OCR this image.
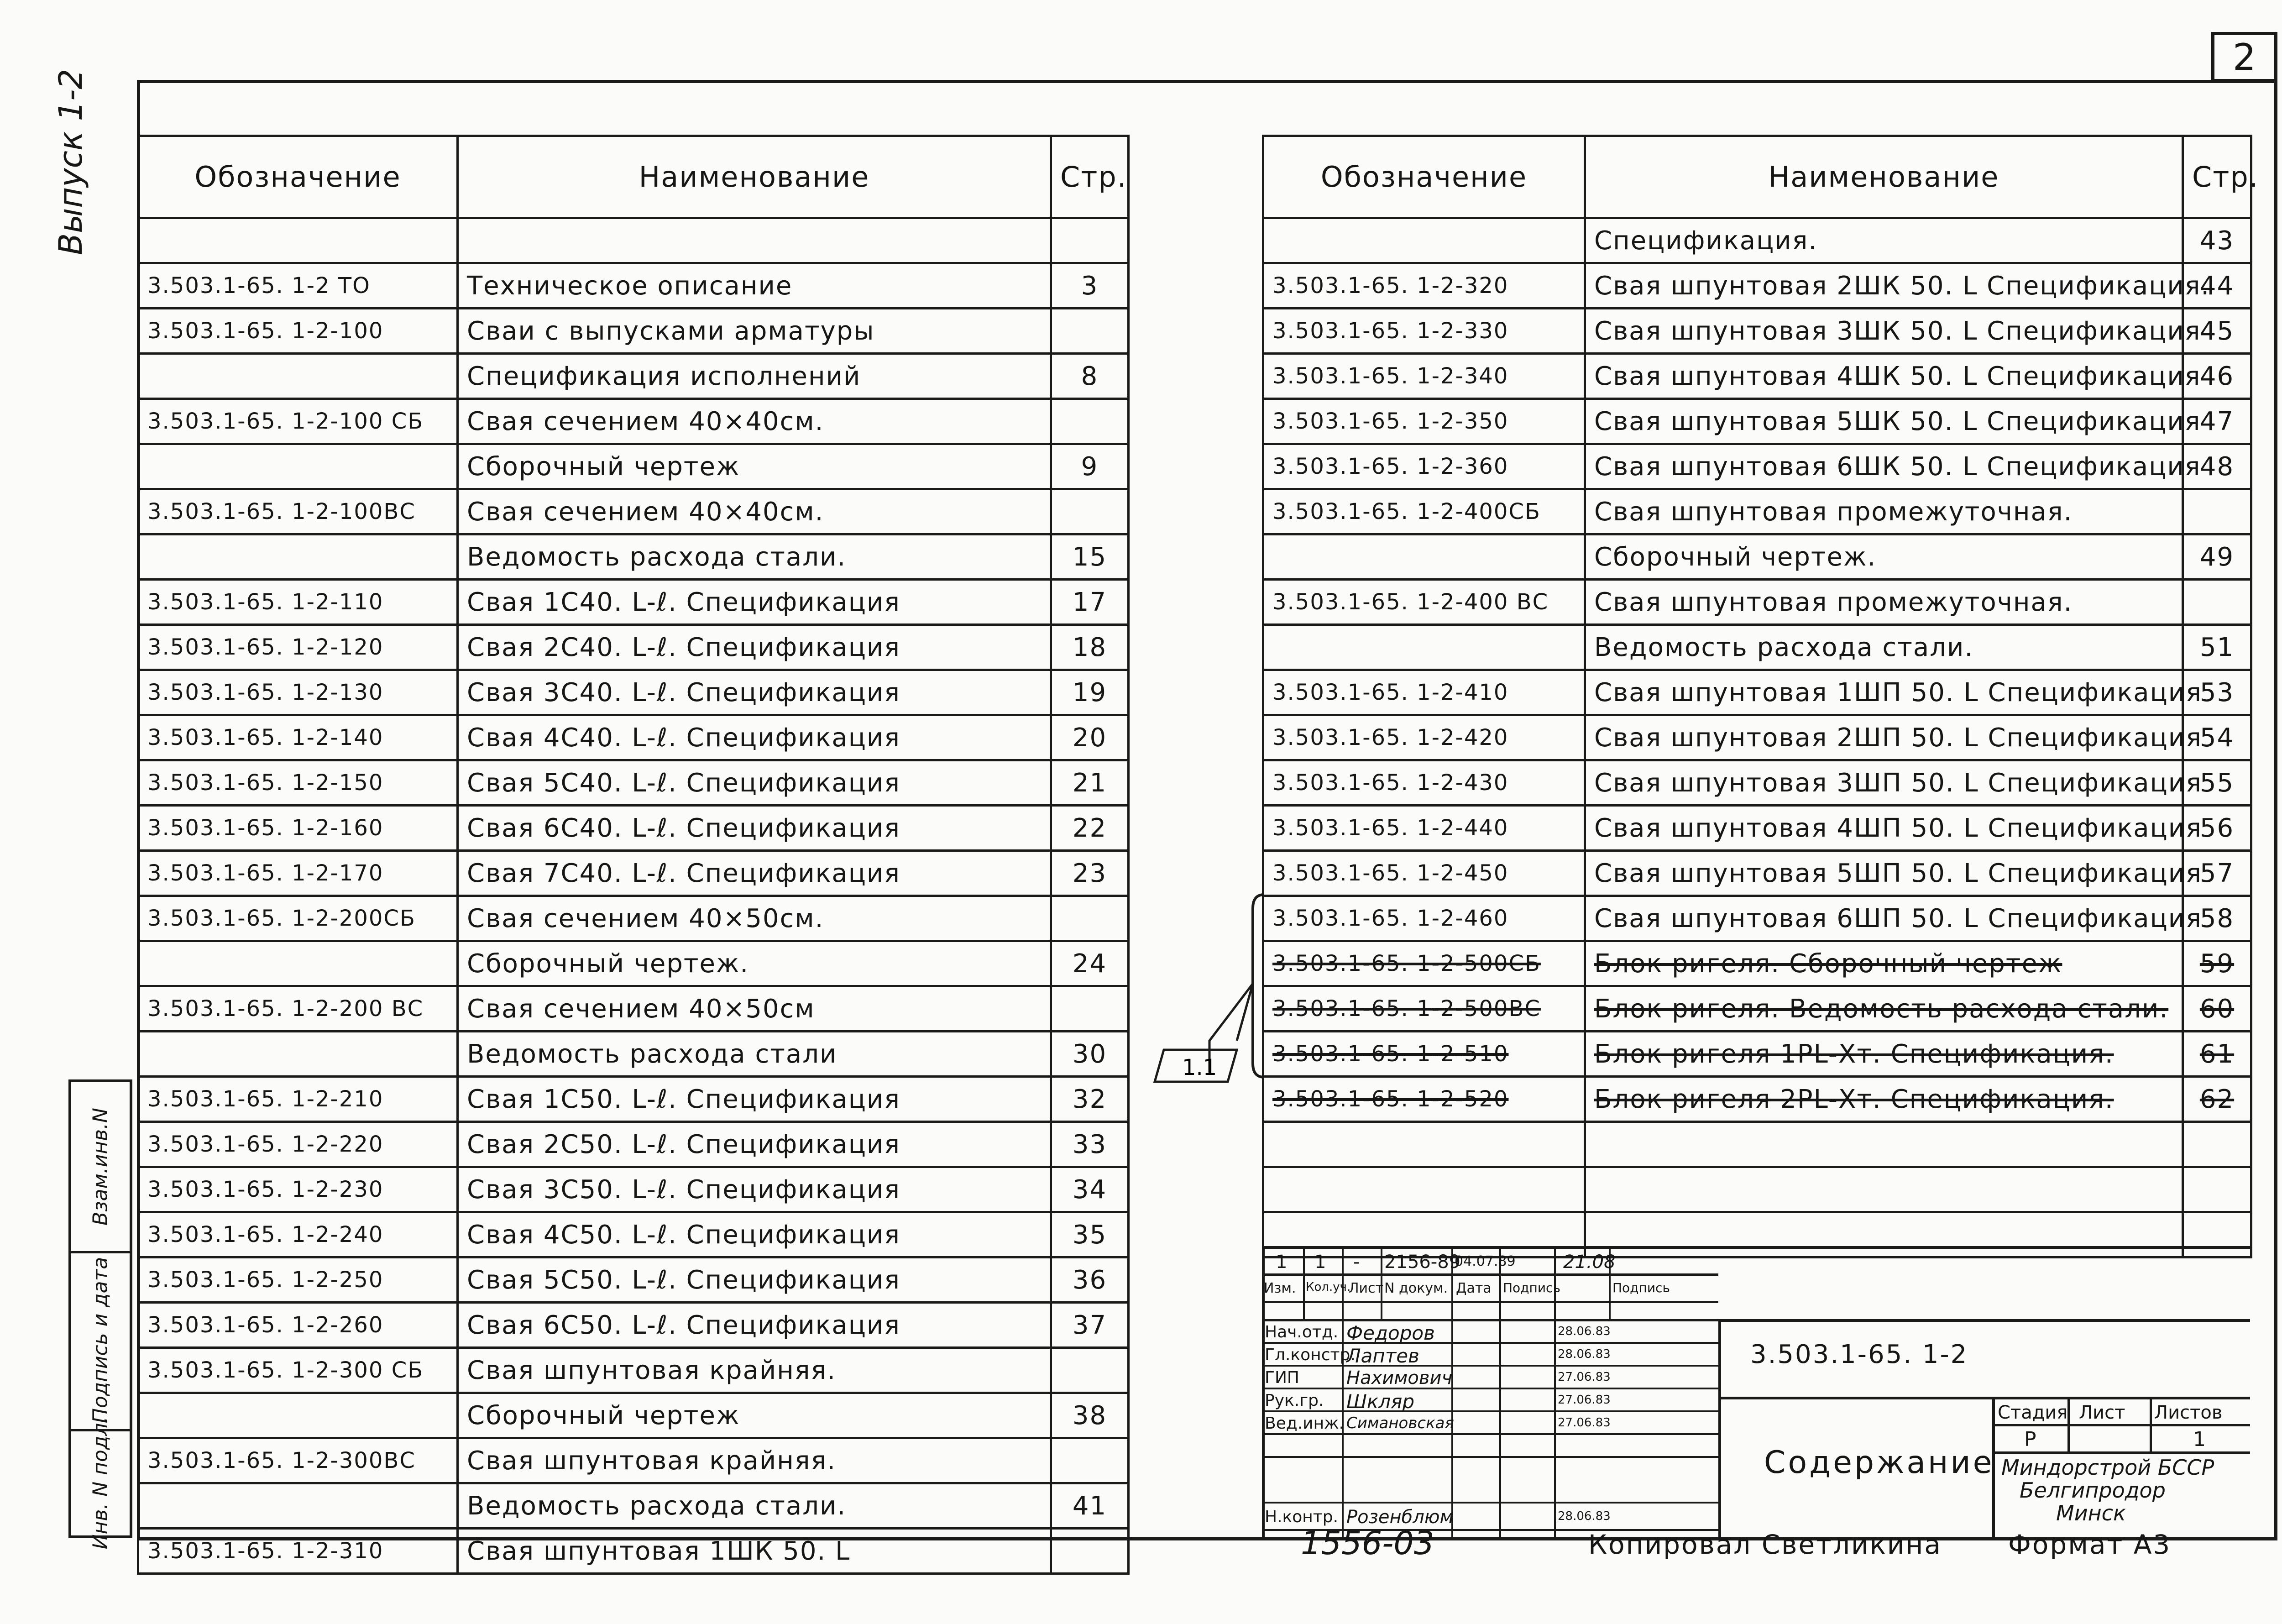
2
Выпуск 1-2
Взам.инв.N
Подпись и дата
Инв. N подл.
Обозначение	Наименование	Стр.

3.503.1-65. 1-2 ТО	Техническое описание	3
3.503.1-65. 1-2-100	Сваи с выпусками арматуры	
	Спецификация исполнений	8
3.503.1-65. 1-2-100 СБ	Свая сечением 40×40см.	
	Сборочный чертеж	9
3.503.1-65. 1-2-100ВС	Свая сечением 40×40см.	
	Ведомость расхода стали.	15
3.503.1-65. 1-2-110	Свая 1С40. L-ℓ. Спецификация	17
3.503.1-65. 1-2-120	Свая 2С40. L-ℓ. Спецификация	18
3.503.1-65. 1-2-130	Свая 3С40. L-ℓ. Спецификация	19
3.503.1-65. 1-2-140	Свая 4С40. L-ℓ. Спецификация	20
3.503.1-65. 1-2-150	Свая 5С40. L-ℓ. Спецификация	21
3.503.1-65. 1-2-160	Свая 6С40. L-ℓ. Спецификация	22
3.503.1-65. 1-2-170	Свая 7С40. L-ℓ. Спецификация	23
3.503.1-65. 1-2-200СБ	Свая сечением 40×50см.	
	Сборочный чертеж.	24
3.503.1-65. 1-2-200 ВС	Свая сечением 40×50см	
	Ведомость расхода стали	30
3.503.1-65. 1-2-210	Свая 1С50. L-ℓ. Спецификация	32
3.503.1-65. 1-2-220	Свая 2С50. L-ℓ. Спецификация	33
3.503.1-65. 1-2-230	Свая 3С50. L-ℓ. Спецификация	34
3.503.1-65. 1-2-240	Свая 4С50. L-ℓ. Спецификация	35
3.503.1-65. 1-2-250	Свая 5С50. L-ℓ. Спецификация	36
3.503.1-65. 1-2-260	Свая 6С50. L-ℓ. Спецификация	37
3.503.1-65. 1-2-300 СБ	Свая шпунтовая крайняя.	
	Сборочный чертеж	38
3.503.1-65. 1-2-300ВС	Свая шпунтовая крайняя.	
	Ведомость расхода стали.	41
3.503.1-65. 1-2-310	Свая шпунтовая 1ШК 50. L	
Обозначение	Наименование	Стр.
	Спецификация.	43
3.503.1-65. 1-2-320	Свая шпунтовая 2ШК 50. L Спецификация.	44
3.503.1-65. 1-2-330	Свая шпунтовая 3ШК 50. L Спецификация	45
3.503.1-65. 1-2-340	Свая шпунтовая 4ШК 50. L Спецификация	46
3.503.1-65. 1-2-350	Свая шпунтовая 5ШК 50. L Спецификация	47
3.503.1-65. 1-2-360	Свая шпунтовая 6ШК 50. L Спецификация	48
3.503.1-65. 1-2-400СБ	Свая шпунтовая промежуточная.	
	Сборочный чертеж.	49
3.503.1-65. 1-2-400 ВС	Свая шпунтовая промежуточная.	
	Ведомость расхода стали.	51
3.503.1-65. 1-2-410	Свая шпунтовая 1ШП 50. L Спецификация	53
3.503.1-65. 1-2-420	Свая шпунтовая 2ШП 50. L Спецификация	54
3.503.1-65. 1-2-430	Свая шпунтовая 3ШП 50. L Спецификация	55
3.503.1-65. 1-2-440	Свая шпунтовая 4ШП 50. L Спецификация	56
3.503.1-65. 1-2-450	Свая шпунтовая 5ШП 50. L Спецификация	57
3.503.1-65. 1-2-460	Свая шпунтовая 6ШП 50. L Спецификация	58
3.503.1-65. 1-2-500СБ	Блок ригеля. Сборочный чертеж	59
3.503.1-65. 1-2-500ВС	Блок ригеля. Ведомость расхода стали.	60
3.503.1-65. 1-2-510	Блок ригеля 1РL-Хт. Спецификация.	61
3.503.1-65. 1-2-520	Блок ригеля 2РL-Хт. Спецификация.	62

1.1
1 1 - 2156-89
04.07.89	21.08
Изм. Кол.уч.
Лист N докум. Дата Подпись	Подпись
Нач.отд. Федоров	28.06.83
Гл.констр.
Лаптев	28.06.83
ГИП	Нахимович	27.06.83
Рук.гр. Шкляр	27.06.83
Вед.инж. Симановская	27.06.83
Н.контр. Розенблюм	28.06.83
3.503.1-65. 1-2
Содержание
Стадия Лист Листов
Р	1
Миндорстрой БССР
Белгипродор
Минск
1556-03	Копировал Светликина	Формат А3
